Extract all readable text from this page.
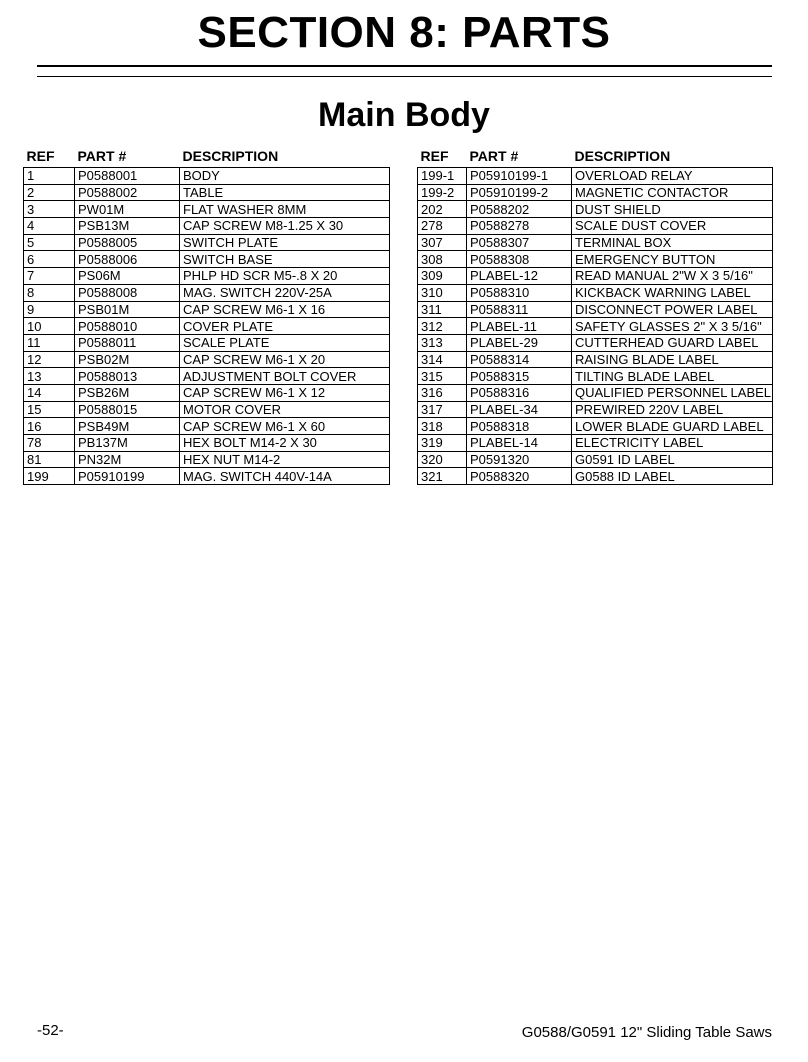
SECTION 8: PARTS
Main Body
REF	PART #	DESCRIPTION
1	P0588001	BODY
2	P0588002	TABLE
3	PW01M	FLAT WASHER 8MM
4	PSB13M	CAP SCREW M8-1.25 X 30
5	P0588005	SWITCH PLATE
6	P0588006	SWITCH BASE
7	PS06M	PHLP HD SCR M5-.8 X 20
8	P0588008	MAG. SWITCH 220V-25A
9	PSB01M	CAP SCREW M6-1 X 16
10	P0588010	COVER PLATE
11	P0588011	SCALE PLATE
12	PSB02M	CAP SCREW M6-1 X 20
13	P0588013	ADJUSTMENT BOLT COVER
14	PSB26M	CAP SCREW M6-1 X 12
15	P0588015	MOTOR COVER
16	PSB49M	CAP SCREW M6-1 X 60
78	PB137M	HEX BOLT M14-2 X 30
81	PN32M	HEX NUT M14-2
199	P05910199	MAG. SWITCH 440V-14A
REF	PART #	DESCRIPTION
199-1	P05910199-1	OVERLOAD RELAY
199-2	P05910199-2	MAGNETIC CONTACTOR
202	P0588202	DUST SHIELD
278	P0588278	SCALE DUST COVER
307	P0588307	TERMINAL BOX
308	P0588308	EMERGENCY BUTTON
309	PLABEL-12	READ MANUAL 2"W X 3 5/16"
310	P0588310	KICKBACK WARNING LABEL
311	P0588311	DISCONNECT POWER LABEL
312	PLABEL-11	SAFETY GLASSES 2" X 3 5/16"
313	PLABEL-29	CUTTERHEAD GUARD LABEL
314	P0588314	RAISING BLADE LABEL
315	P0588315	TILTING BLADE LABEL
316	P0588316	QUALIFIED PERSONNEL LABEL
317	PLABEL-34	PREWIRED 220V LABEL
318	P0588318	LOWER BLADE GUARD LABEL
319	PLABEL-14	ELECTRICITY LABEL
320	P0591320	G0591 ID LABEL
321	P0588320	G0588 ID LABEL
-52-	G0588/G0591 12" Sliding Table Saws
